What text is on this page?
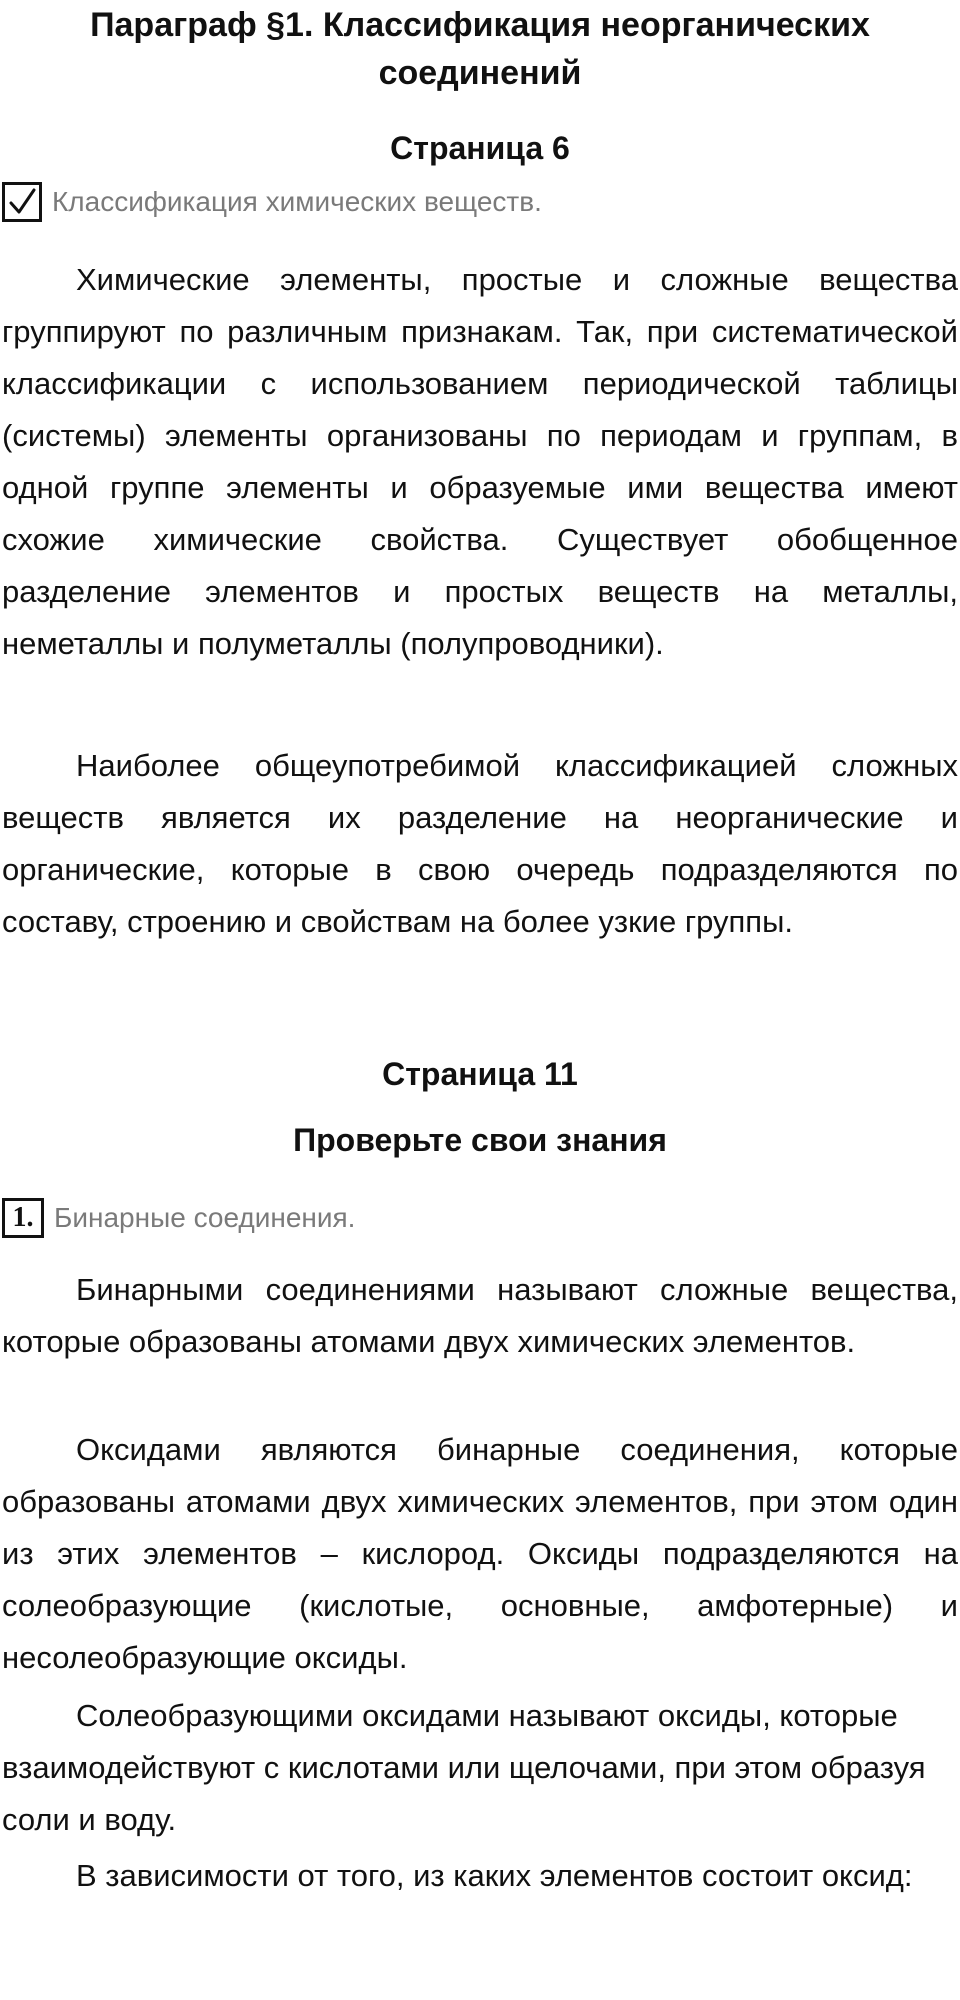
Параграф §1. Классификация неорганических
соединений
Страница 6
Классификация химических веществ.

Химические элементы, простые и сложные вещества группируют по различным признакам. Так, при систематической классификации с использованием периодической таблицы (системы) элементы организованы по периодам и группам, в одной группе элементы и образуемые ими вещества имеют схожие химические свойства. Существует обобщенное разделение элементов и простых веществ на металлы, неметаллы и полуметаллы (полупроводники).

Наиболее общеупотребимой классификацией сложных веществ является их разделение на неорганические и органические, которые в свою очередь подразделяются по составу, строению и свойствам на более узкие группы.

Страница 11
Проверьте свои знания
1. Бинарные соединения.

Бинарными соединениями называют сложные вещества, которые образованы атомами двух химических элементов.

Оксидами являются бинарные соединения, которые образованы атомами двух химических элементов, при этом один из этих элементов – кислород. Оксиды подразделяются на солеобразующие (кислотые, основные, амфотерные) и несолеобразующие оксиды.

Солеобразующими оксидами называют оксиды, которые взаимодействуют с кислотами или щелочами, при этом образуя соли и воду.

В зависимости от того, из каких элементов состоит оксид:
